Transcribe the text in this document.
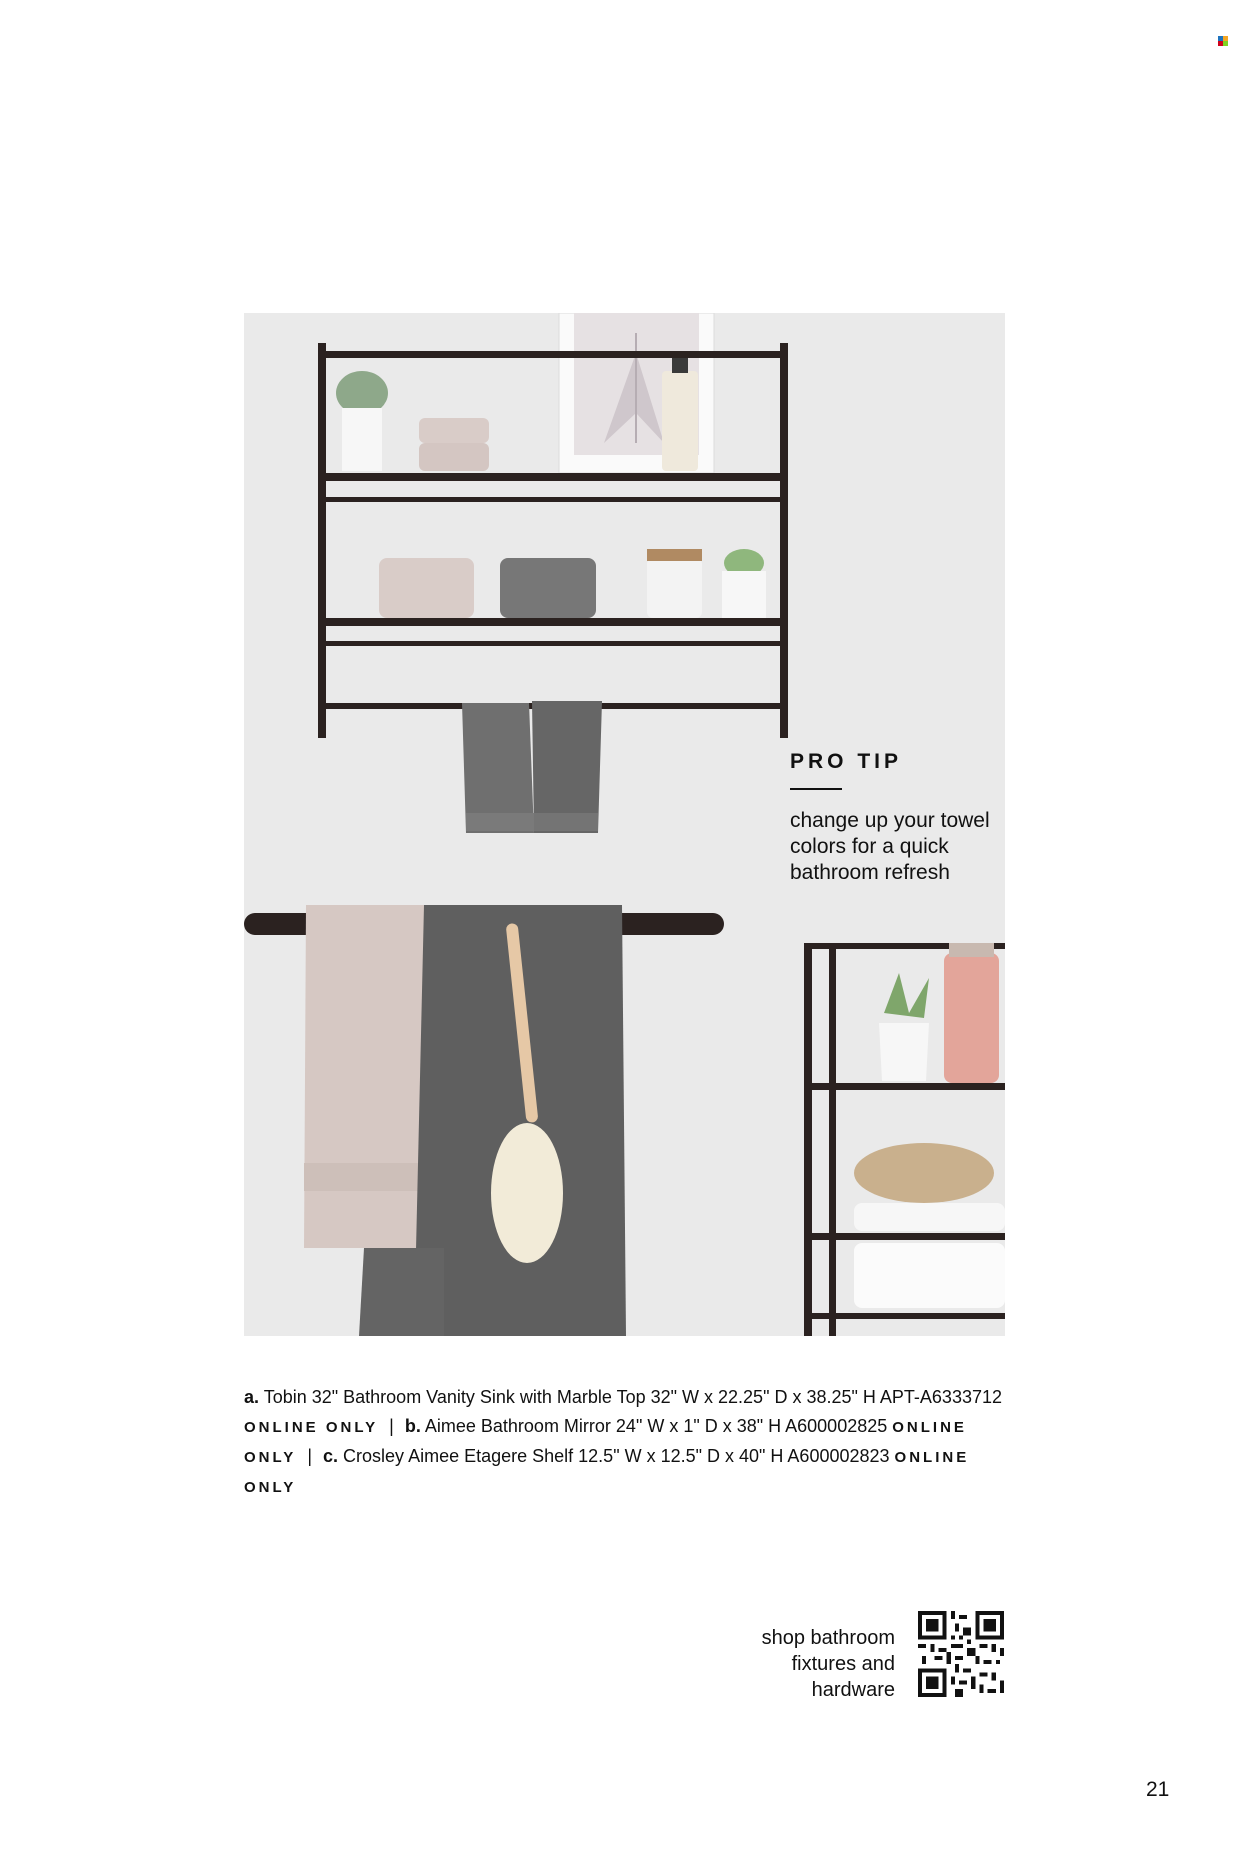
PRO TIP

change up your towel colors for a quick bathroom refresh

a. Tobin 32" Bathroom Vanity Sink with Marble Top 32" W x 22.25" D x 38.25" H APT-A6333712 ONLINE ONLY | b. Aimee Bathroom Mirror 24" W x 1" D x 38" H A600002825 ONLINE ONLY | c. Crosley Aimee Etagere Shelf 12.5" W x 12.5" D x 40" H A600002823 ONLINE ONLY
shop bathroom
fixtures and
hardware
21
